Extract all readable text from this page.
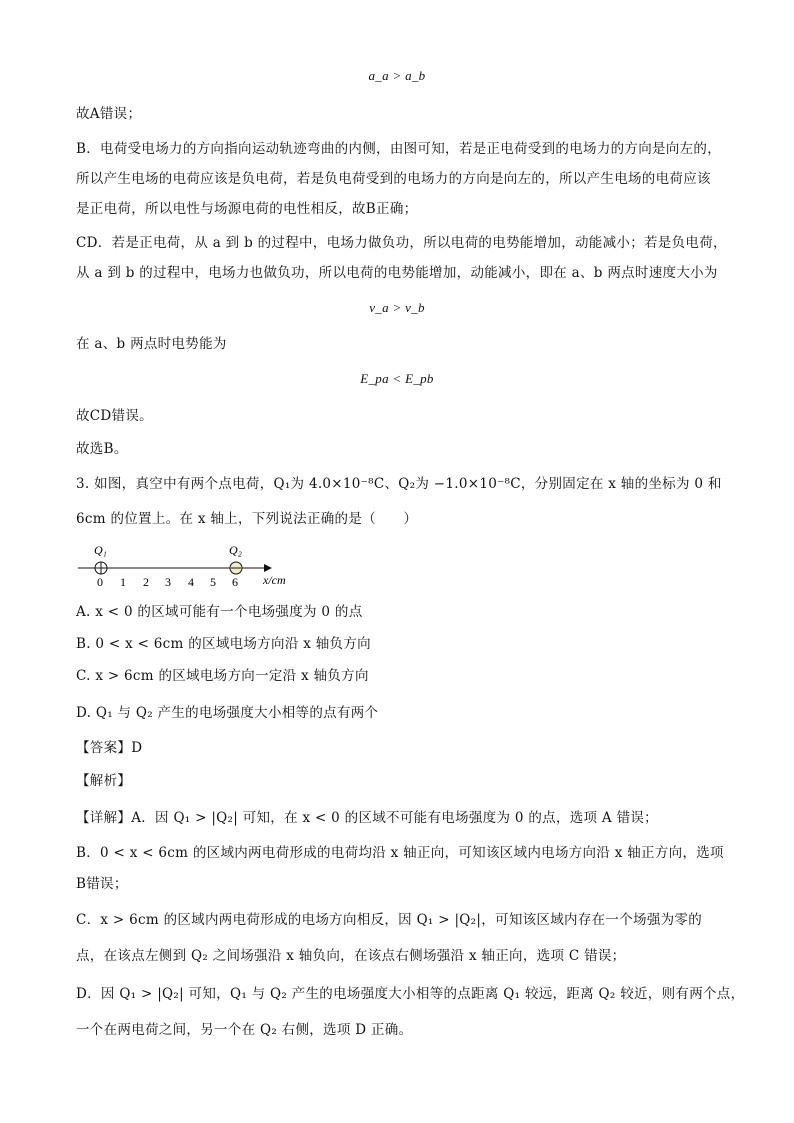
a_a > a_b
故A错误；
B．电荷受电场力的方向指向运动轨迹弯曲的内侧，由图可知，若是正电荷受到的电场力的方向是向左的，
所以产生电场的电荷应该是负电荷，若是负电荷受到的电场力的方向是向左的，所以产生电场的电荷应该
是正电荷，所以电性与场源电荷的电性相反，故B正确；
CD．若是正电荷，从 a 到 b 的过程中，电场力做负功，所以电荷的电势能增加，动能减小；若是负电荷，
从 a 到 b 的过程中，电场力也做负功，所以电荷的电势能增加，动能减小，即在 a、b 两点时速度大小为
v_a > v_b
在 a、b 两点时电势能为
E_pa < E_pb
故CD错误。
故选B。
3. 如图，真空中有两个点电荷，Q₁为 4.0×10⁻⁸C、Q₂为 −1.0×10⁻⁸C，分别固定在 x 轴的坐标为 0 和
6cm 的位置上。在 x 轴上，下列说法正确的是（　　）
Q₁	Q₂
0 1 2 3 4 5 6 x/cm
A. x < 0 的区域可能有一个电场强度为 0 的点
B. 0 < x < 6cm 的区域电场方向沿 x 轴负方向
C. x > 6cm 的区域电场方向一定沿 x 轴负方向
D. Q₁ 与 Q₂ 产生的电场强度大小相等的点有两个
【答案】D
【解析】
【详解】A．因 Q₁ > |Q₂| 可知，在 x < 0 的区域不可能有电场强度为 0 的点，选项 A 错误；
B．0 < x < 6cm 的区域内两电荷形成的电荷均沿 x 轴正向，可知该区域内电场方向沿 x 轴正方向，选项
B错误；
C．x > 6cm 的区域内两电荷形成的电场方向相反，因 Q₁ > |Q₂|，可知该区域内存在一个场强为零的
点，在该点左侧到 Q₂ 之间场强沿 x 轴负向，在该点右侧场强沿 x 轴正向，选项 C 错误；
D．因 Q₁ > |Q₂| 可知，Q₁ 与 Q₂ 产生的电场强度大小相等的点距离 Q₁ 较远，距离 Q₂ 较近，则有两个点，
一个在两电荷之间，另一个在 Q₂ 右侧，选项 D 正确。
